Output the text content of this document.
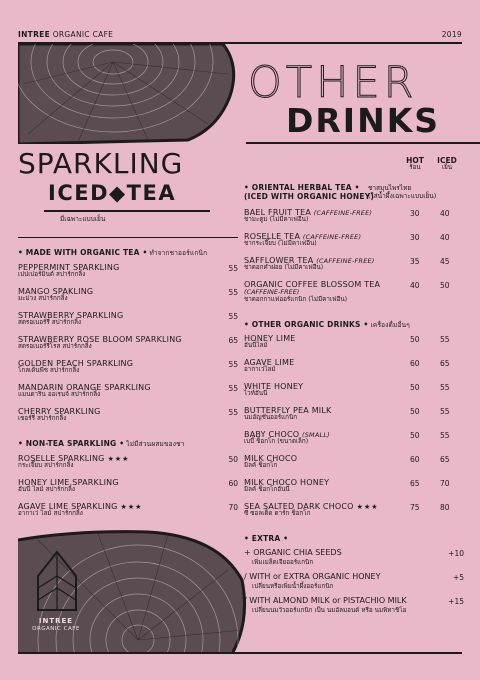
INTREE ORGANIC CAFE	2019
OTHER
DRINKS
SPARKLING
ICED◆TEA
มีเฉพาะแบบเย็น
• MADE WITH ORGANIC TEA • ทำจากชาออร์แกนิก
PEPPERMINT SPARKLING
เปปเปอร์มินต์ สปาร์กกลิ้ง
55
MANGO SPAKLING
มะม่วง สปาร์กกลิ้ง
55
STRAWBERRY SPARKLING
สตรอเบอร์รี่ สปาร์กกลิ้ง
55
STRAWBERRY ROSE BLOOM SPARKLING
สตรอเบอร์รี่โรส สปาร์กกลิ้ง
65
GOLDEN PEACH SPARKLING
โกลเด้นพีช สปาร์กกลิ้ง
55
MANDARIN ORANGE SPARKLING
แมนดาริน ออเรนจ์ สปาร์กกลิ้ง
55
CHERRY SPARKLING
เชอร์รี่ สปาร์กกลิ้ง
55
• NON-TEA SPARKLING • ไม่มีส่วนผสมของชา
ROSELLE SPARKLING ★★★
กระเจี๊ยบ สปาร์กกลิ้ง
50
HONEY LIME SPARKLING
ฮันนี่ ไลม์ สปาร์กกลิ้ง
60
AGAVE LIME SPARKLING ★★★
อากาเว่ ไลม์ สปาร์กกลิ้ง
70
INTREE
ORGANIC CAFE
HOT
ร้อน
ICED
เย็น
• ORIENTAL HERBAL TEA •
(ICED WITH ORGANIC HONEY)
ชาสมุนไพรไทย
(ใส่น้ำผึ้งเฉพาะแบบเย็น)
BAEL FRUIT TEA (CAFFEINE-FREE)
ชามะตูม (ไม่มีคาเฟอีน)
30	40
ROSELLE TEA (CAFFEINE-FREE)
ชากระเจี๊ยบ (ไม่มีคาเฟอีน)
30	40
SAFFLOWER TEA (CAFFEINE-FREE)
ชาดอกคำฝอย (ไม่มีคาเฟอีน)
35	45
ORGANIC COFFEE BLOSSOM TEA
(CAFFEINE-FREE)
ชาดอกกาแฟออร์แกนิก (ไม่มีคาเฟอีน)
40	50
• OTHER ORGANIC DRINKS • เครื่องดื่มอื่นๆ
HONEY LIME
ฮันนี่ไลม์
50	55
AGAVE LIME
อากาเว่ไลม์
60	65
WHITE HONEY
ไวท์ฮันนี่
50	55
BUTTERFLY PEA MILK
นมอัญชันออร์แกนิก
50	55
BABY CHOCO (SMALL)
เบบี้ ช็อกโก (ขนาดเล็ก)
50	55
MILK CHOCO
มิลค์ ช็อกโก
60	65
MILK CHOCO HONEY
มิลค์ ช็อกโกฮันนี่
65	70
SEA SALTED DARK CHOCO ★★★
ซี ซอลเต็ด ดาร์ก ช็อกโก
75	80
• EXTRA •
+ ORGANIC CHIA SEEDS
เพิ่มเมล็ดเจียออร์แกนิก
+10
/ WITH or EXTRA ORGANIC HONEY
เปลี่ยนหรือเพิ่มน้ำผึ้งออร์แกนิก
+5
/ WITH ALMOND MILK or PISTACHIO MILK
เปลี่ยนนมวัวออร์แกนิก เป็น นมอัลมอนด์ หรือ นมพิทาชิโอ
+15
